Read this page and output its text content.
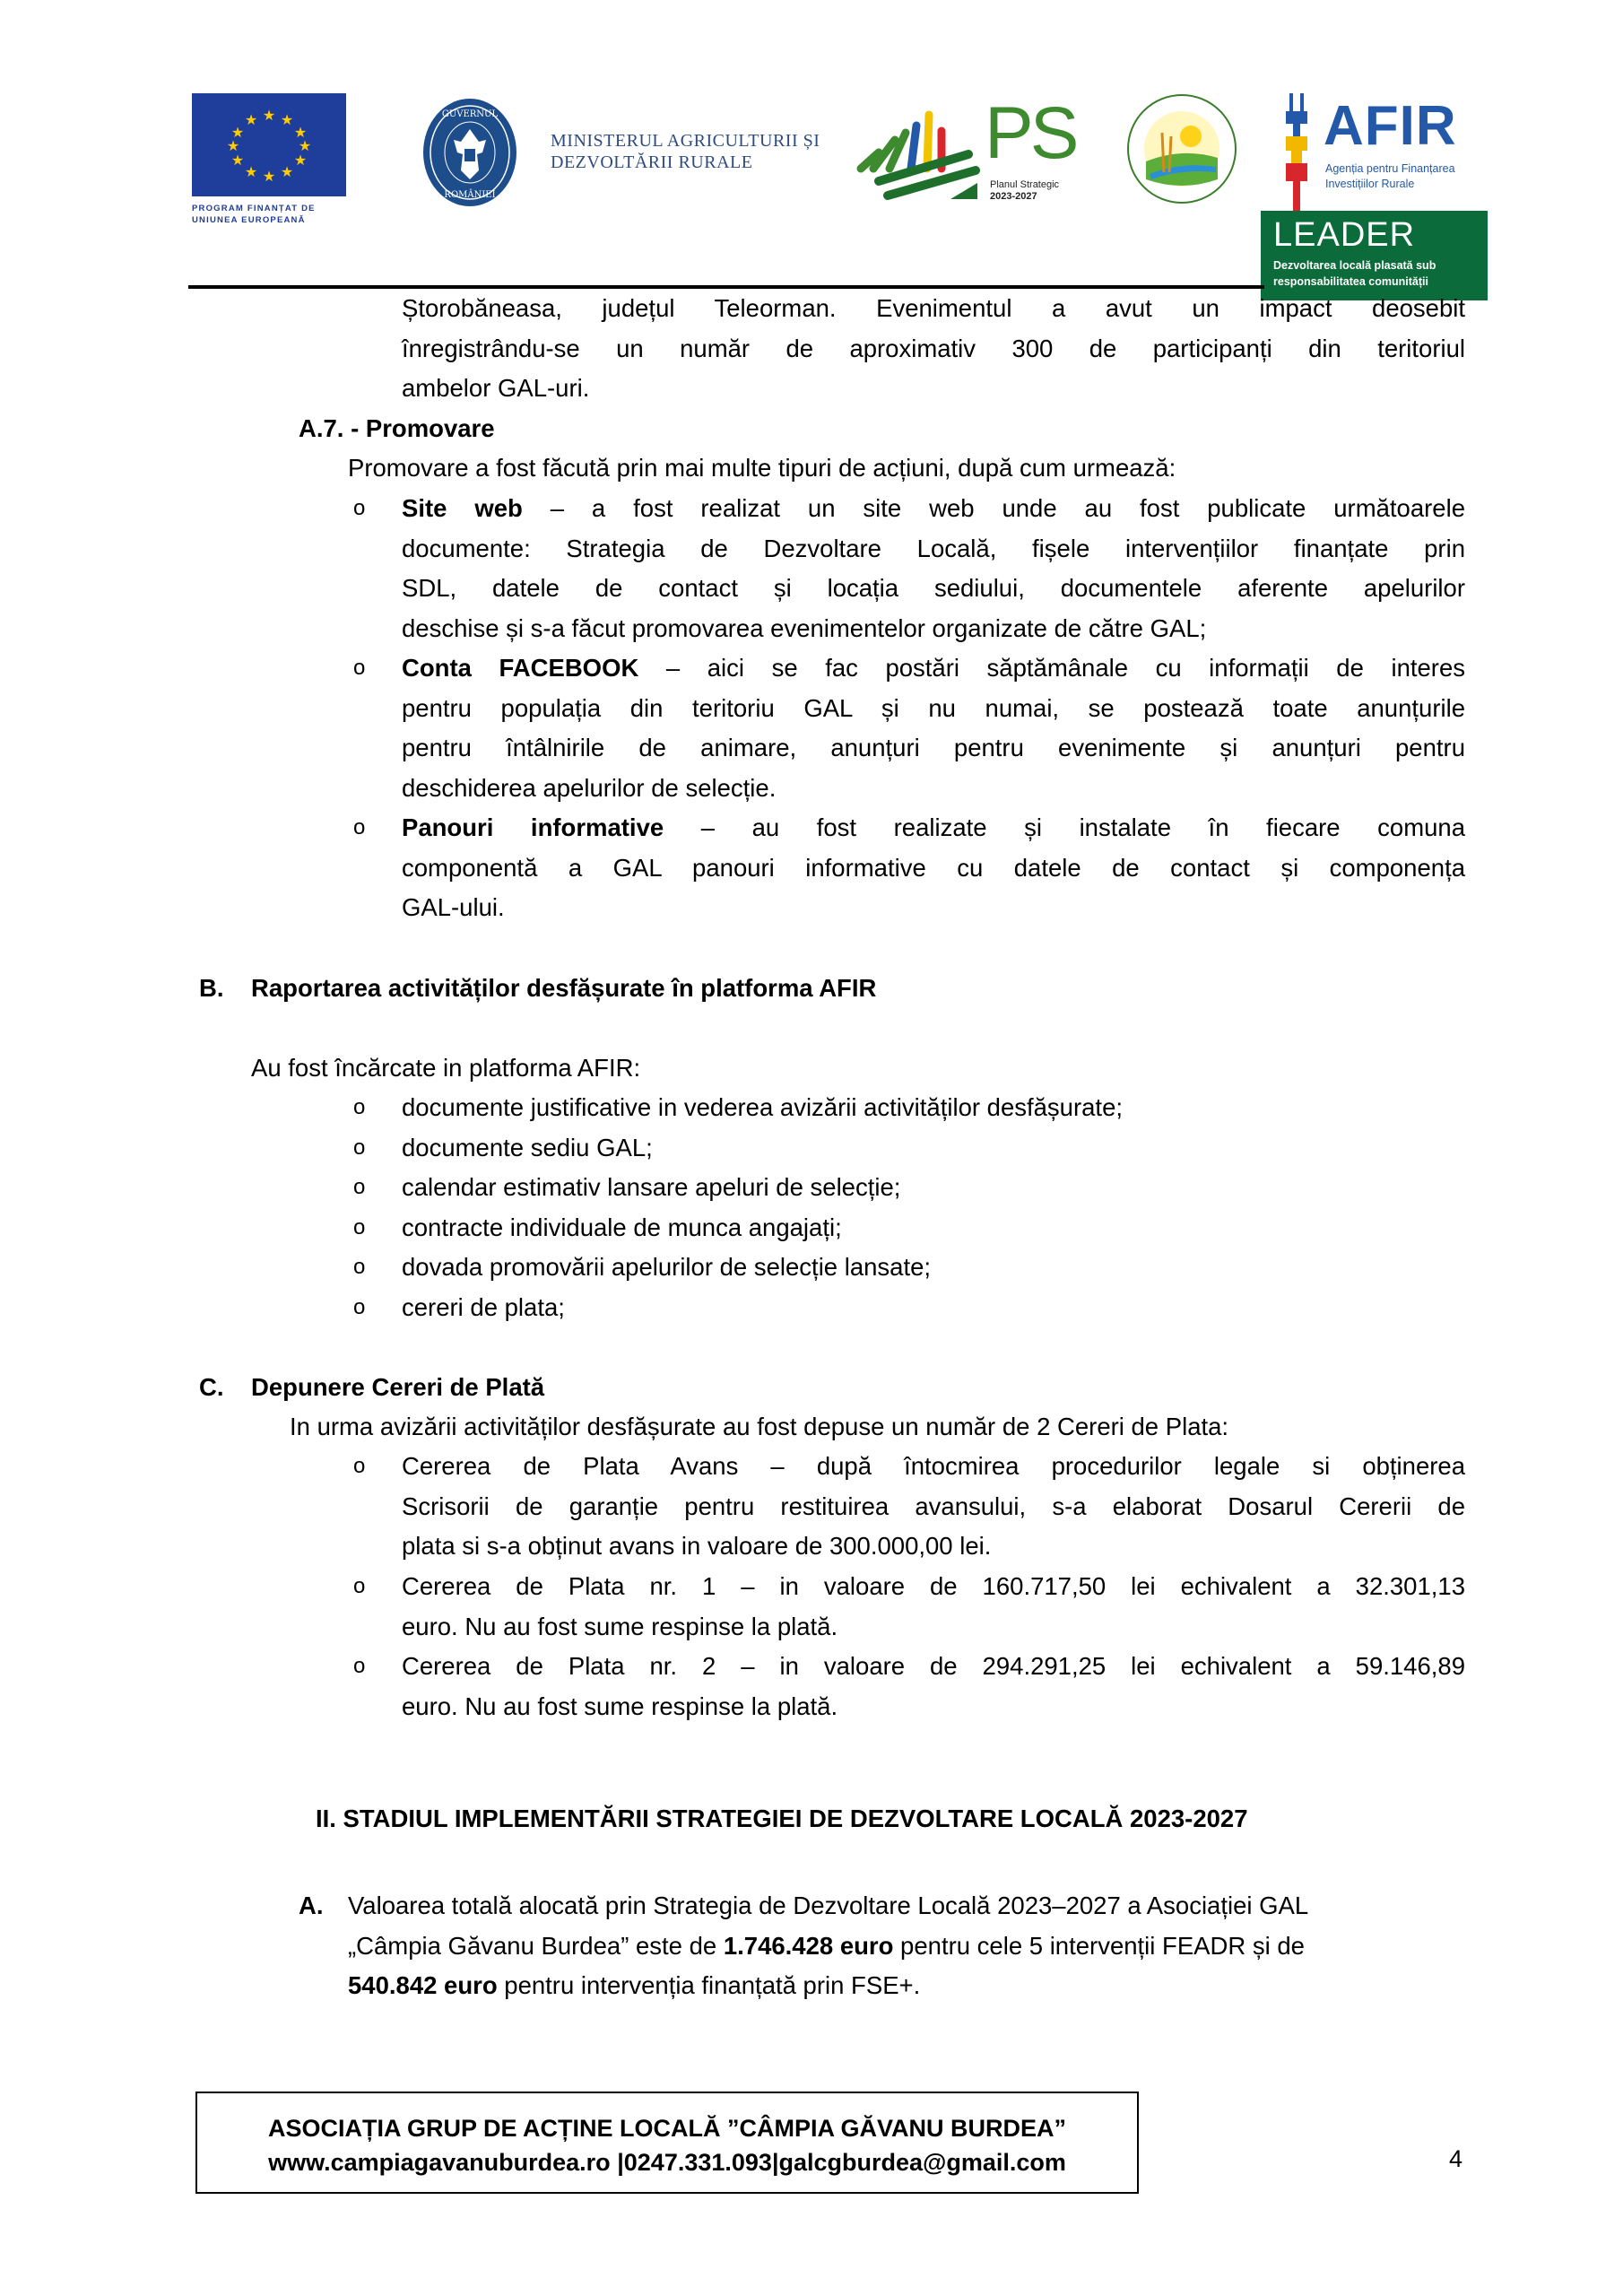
★ ★
★
★
★
★
★
★
★
★
★
★
PROGRAM FINANȚAT DE
UNIUNEA EUROPEANĂ
GUVERNUL
ROMÂNIEI
MINISTERUL AGRICULTURII ȘI
DEZVOLTĂRII RURALE	PS
Planul Strategic
2023-2027
AFIR
Agenția pentru Finanțarea
Investițiilor Rurale
LEADER
Dezvoltarea locală plasată sub
responsabilitatea comunității
Ștorobăneasa, județul Teleorman. Evenimentul a avut un impact deosebit
înregistrându-se un număr de aproximativ 300 de participanți din teritoriul
ambelor GAL-uri.
A.7. - Promovare
Promovare a fost făcută prin mai multe tipuri de acțiuni, după cum urmează:
o Site web – a fost realizat un site web unde au fost publicate următoarele
documente: Strategia de Dezvoltare Locală, fișele intervențiilor finanțate prin
SDL, datele de contact și locația sediului, documentele aferente apelurilor
deschise și s-a făcut promovarea evenimentelor organizate de către GAL;
o Conta FACEBOOK – aici se fac postări săptămânale cu informații de interes
pentru populația din teritoriu GAL și nu numai, se postează toate anunțurile
pentru întâlnirile de animare, anunțuri pentru evenimente și anunțuri pentru
deschiderea apelurilor de selecție.
o Panouri informative – au fost realizate și instalate în fiecare comuna
componentă a GAL panouri informative cu datele de contact și componența
GAL-ului.
B. Raportarea activităților desfășurate în platforma AFIR
Au fost încărcate in platforma AFIR:
o documente justificative in vederea avizării activităților desfășurate;
o documente sediu GAL;
o calendar estimativ lansare apeluri de selecție;
o contracte individuale de munca angajați;
o dovada promovării apelurilor de selecție lansate;
o cereri de plata;
C. Depunere Cereri de Plată
In urma avizării activităților desfășurate au fost depuse un număr de 2 Cereri de Plata:
o Cererea de Plata Avans – după întocmirea procedurilor legale si obținerea
Scrisorii de garanție pentru restituirea avansului, s-a elaborat Dosarul Cererii de
plata si s-a obținut avans in valoare de 300.000,00 lei.
o Cererea de Plata nr. 1 – in valoare de 160.717,50 lei echivalent a 32.301,13
euro. Nu au fost sume respinse la plată.
o Cererea de Plata nr. 2 – in valoare de 294.291,25 lei echivalent a 59.146,89
euro. Nu au fost sume respinse la plată.
II. STADIUL IMPLEMENTĂRII STRATEGIEI DE DEZVOLTARE LOCALĂ 2023-2027
A. Valoarea totală alocată prin Strategia de Dezvoltare Locală 2023–2027 a Asociației GAL
„Câmpia Găvanu Burdea” este de 1.746.428 euro pentru cele 5 intervenții FEADR și de
540.842 euro pentru intervenția finanțată prin FSE+.
ASOCIAȚIA GRUP DE ACȚINE LOCALĂ ”CÂMPIA GĂVANU BURDEA”
www.campiagavanuburdea.ro |0247.331.093|galcgburdea@gmail.com	4
